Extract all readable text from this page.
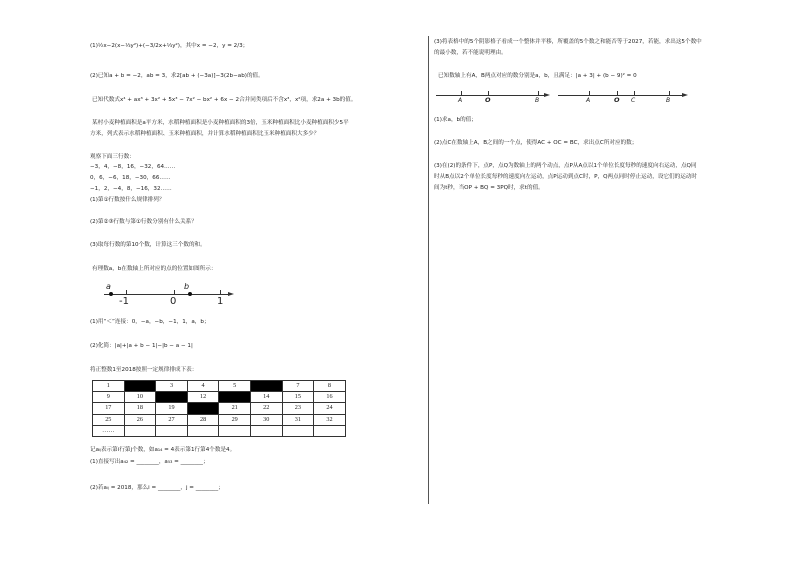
(1)½x−2(x−⅓y²)+(−3/2x+⅓y²)，其中x = −2，y = 2/3；
(2)已知a + b = −2，ab = 3，求2[ab + (−3a)]−3(2b−ab)的值。
已知代数式x⁴ + ax³ + 3x² + 5x³ − 7x² − bx² + 6x − 2合并同类项后不含x³，x²项，求2a + 3b的值。
某村小麦种植面积是a平方米，水稻种植面积是小麦种植面积的3倍，玉米种植面积比小麦种植面积少5平
方米，列式表示水稻种植面积、玉米种植面积，并计算水稻种植面积比玉米种植面积大多少？
观察下面三行数：
−3，4，−8，16，−32，64……
0，6，−6，18，−30，66……
−1，2，−4，8，−16，32……
(1)第①行数按什么规律排列？
(2)第②③行数与第①行数分别有什么关系？
(3)取每行数的第10个数，计算这三个数的和。
有理数a，b在数轴上所对应的点的位置如图所示：
a	b
-1	0	1
(1)用“＜”连接：0，−a，−b，−1，1，a，b；
(2)化简：|a|+|a + b − 1|−|b − a − 1|
将正整数1至2018按照一定规律排成下表：
1		3	4	5		7	8
9	10		12		14	15	16
17	18	19		21	22	23	24
25	26	27	28	29	30	31	32
……							
记aᵢⱼ表示第i行第j个数，如a₁₄ = 4表示第1行第4个数是4。
(1)直接写出a₄₂ = ________，a₅₃ = ________；
(2)若aᵢⱼ = 2018，那么i = ________，j = ________；
(3)将表格中的5个阴影格子看成一个整体并平移，所覆盖的5个数之和能否等于2027，若能，求出这5个数中
的最小数，若不能说明理由。
已知数轴上有A，B两点对应的数分别是a，b，且满足：|a + 3| + (b − 9)² = 0
A	O	B	A	O C	B
(1)求a，b的值；
(2)点C在数轴上A，B之间的一个点，使得AC + OC = BC，求出点C所对应的数；
(3)在(2)的条件下，点P，点Q为数轴上的两个动点，点P从A点以1个单位长度每秒的速度向右运动，点Q同
时从B点以2个单位长度每秒的速度向左运动，点P运动到点C时，P，Q两点同时停止运动，设它们的运动时
间为t秒，当OP + BQ = 3PQ时，求t的值。
